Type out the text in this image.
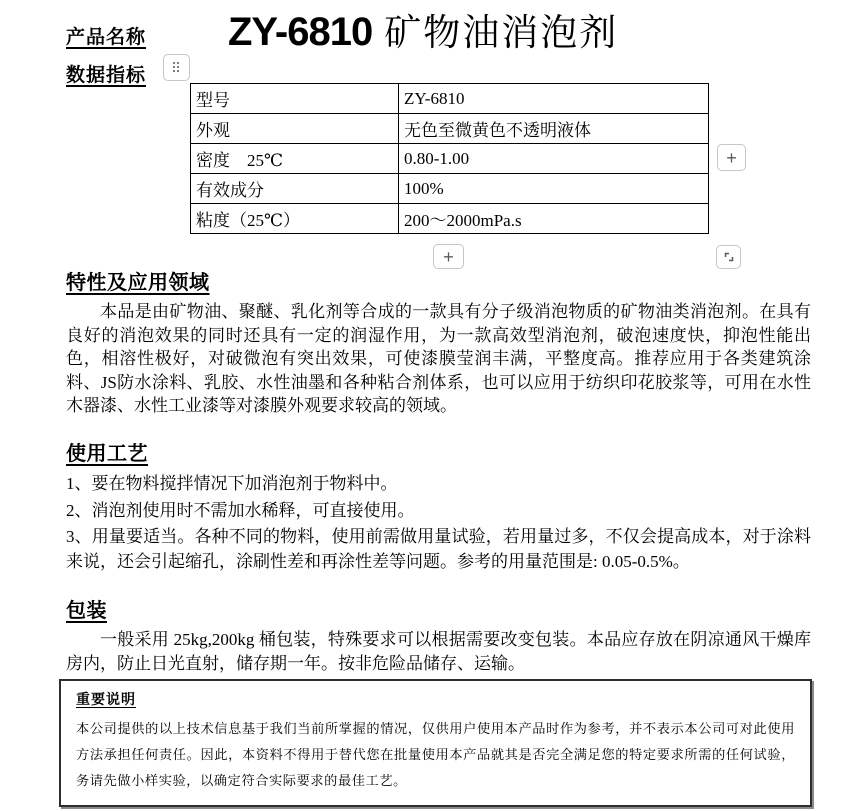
产品名称 ZY-6810 矿物油消泡剂
数据指标
型号	ZY-6810
外观	无色至微黄色不透明液体
密度　25℃	0.80-1.00
有效成分	100%
粘度（25℃）	200～2000mPa.s
+
+
特性及应用领域

本品是由矿物油、聚醚、乳化剂等合成的一款具有分子级消泡物质的矿物油类消泡剂。在具有良好的消泡效果的同时还具有一定的润湿作用，为一款高效型消泡剂，破泡速度快，抑泡性能出色，相溶性极好，对破微泡有突出效果，可使漆膜莹润丰满，平整度高。推荐应用于各类建筑涂料、JS防水涂料、乳胶、水性油墨和各种粘合剂体系，也可以应用于纺织印花胶浆等，可用在水性木器漆、水性工业漆等对漆膜外观要求较高的领域。

使用工艺

1、要在物料搅拌情况下加消泡剂于物料中。

2、消泡剂使用时不需加水稀释，可直接使用。

3、用量要适当。各种不同的物料，使用前需做用量试验，若用量过多，不仅会提高成本，对于涂料来说，还会引起缩孔，涂刷性差和再涂性差等问题。参考的用量范围是: 0.05-0.5%。

包装

一般采用 25kg,200kg 桶包装，特殊要求可以根据需要改变包装。本品应存放在阴凉通风干燥库房内，防止日光直射，储存期一年。按非危险品储存、运输。

重要说明

本公司提供的以上技术信息基于我们当前所掌握的情况，仅供用户使用本产品时作为参考，并不表示本公司可对此使用方法承担任何责任。因此，本资料不得用于替代您在批量使用本产品就其是否完全满足您的特定要求所需的任何试验，务请先做小样实验，以确定符合实际要求的最佳工艺。
